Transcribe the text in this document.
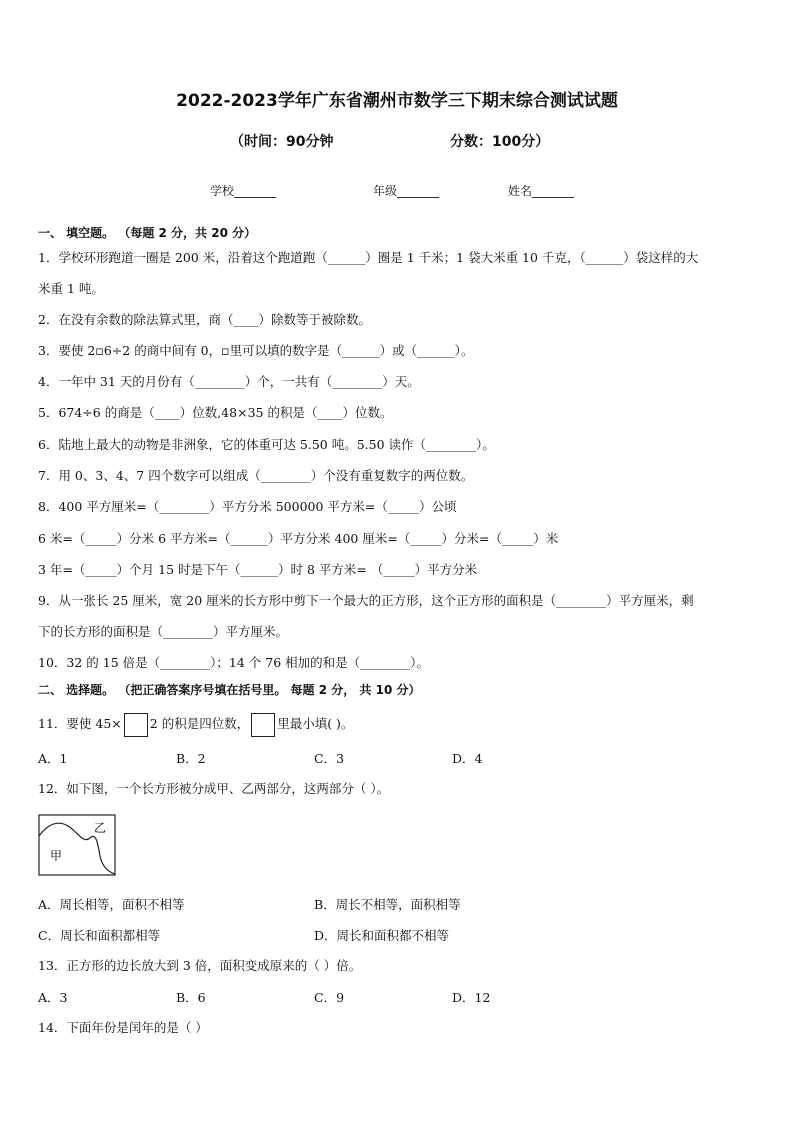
2022-2023学年广东省潮州市数学三下期末综合测试试题
（时间：90分钟	分数：100分）
学校_______	年级_______	姓名_______
一、 填空题。 （每题 2 分，共 20 分）
1．学校环形跑道一圈是 200 米，沿着这个跑道跑（______）圈是 1 千米；1 袋大米重 10 千克，（______）袋这样的大
米重 1 吨。
2．在没有余数的除法算式里，商（____）除数等于被除数。
3．要使 2▫6÷2 的商中间有 0，▫里可以填的数字是（______）或（______）。
4．一年中 31 天的月份有（________）个，一共有（________）天。
5．674÷6 的商是（____）位数,48×35 的积是（____）位数。
6．陆地上最大的动物是非洲象，它的体重可达 5.50 吨。5.50 读作（________）。
7．用 0、3、4、7 四个数字可以组成（________）个没有重复数字的两位数。
8．400 平方厘米=（________）平方分米 500000 平方米=（_____）公顷
6 米=（_____）分米 6 平方米=（______）平方分米 400 厘米=（_____）分米=（_____）米
3 年=（_____）个月 15 时是下午（______）时 8 平方米= （_____）平方分米
9．从一张长 25 厘米，宽 20 厘米的长方形中剪下一个最大的正方形，这个正方形的面积是（________）平方厘米，剩
下的长方形的面积是（________）平方厘米。
10．32 的 15 倍是（________）；14 个 76 相加的和是（________）。
二、 选择题。 （把正确答案序号填在括号里。 每题 2 分， 共 10 分）
11．要使 45× 2 的积是四位数， 里最小填( )。
A．1	B．2	C．3	D．4
12．如下图，一个长方形被分成甲、乙两部分，这两部分（ ）。
甲
乙
A．周长相等，面积不相等	B．周长不相等，面积相等
C．周长和面积都相等	D．周长和面积都不相等
13．正方形的边长放大到 3 倍，面积变成原来的（ ）倍。
A．3	B．6	C．9	D．12
14．下面年份是闰年的是（ ）
